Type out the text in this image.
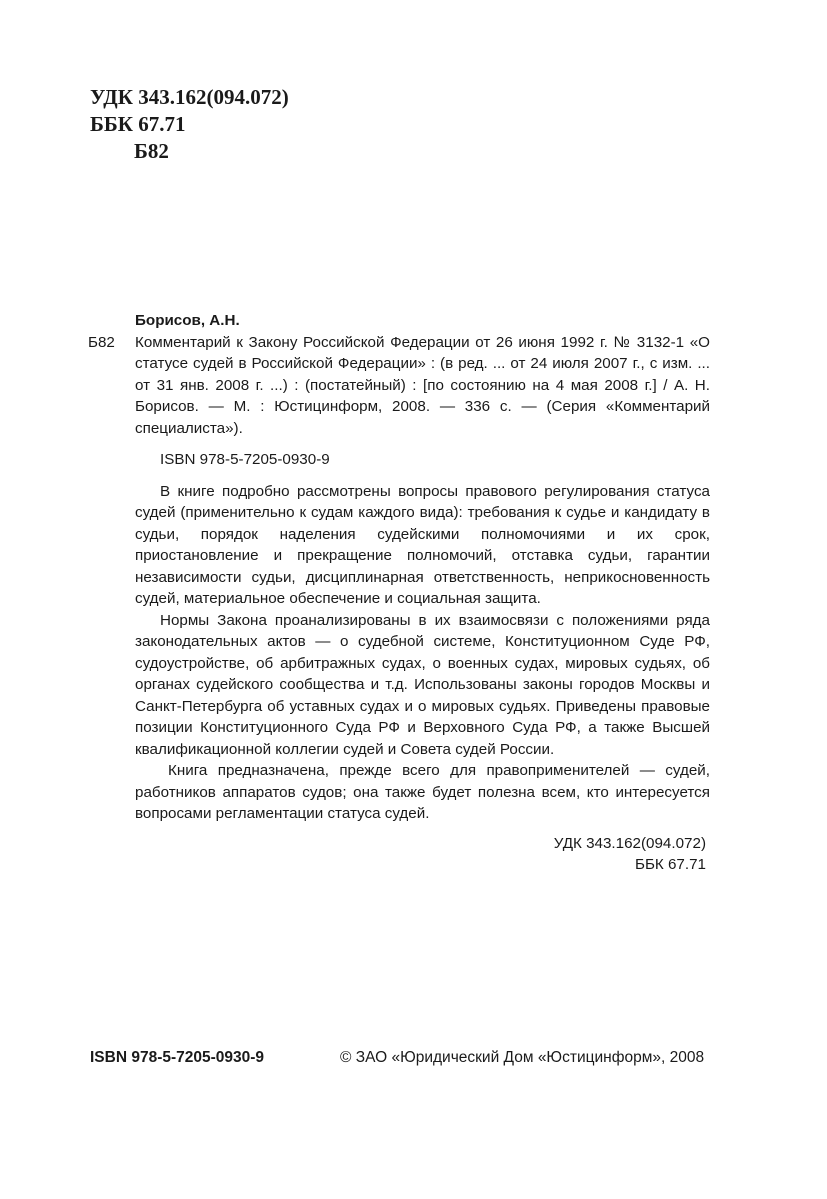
УДК 343.162(094.072)
ББК 67.71
Б82
Борисов, А.Н.
Б82 Комментарий к Закону Российской Федерации от 26 июня 1992 г. № 3132-1 «О статусе судей в Российской Федерации» : (в ред. ... от 24 июля 2007 г., с изм. ... от 31 янв. 2008 г. ...) : (постатейный) : [по состоянию на 4 мая 2008 г.] / А. Н. Борисов. — М. : Юстицинформ, 2008. — 336 с. — (Серия «Комментарий специалиста»).
ISBN 978-5-7205-0930-9

В книге подробно рассмотрены вопросы правового регулирования статуса судей (применительно к судам каждого вида): требования к судье и кандидату в судьи, порядок наделения судейскими полномочиями и их срок, приостановление и прекращение полномочий, отставка судьи, гарантии независимости судьи, дисциплинарная ответственность, неприкосновенность судей, материальное обеспечение и социальная защита.

Нормы Закона проанализированы в их взаимосвязи с положениями ряда законодательных актов — о судебной системе, Конституционном Суде РФ, судоустройстве, об арбитражных судах, о военных судах, мировых судьях, об органах судейского сообщества и т.д. Использованы законы городов Москвы и Санкт-Петербурга об уставных судах и о мировых судьях. Приведены правовые позиции Конституционного Суда РФ и Верховного Суда РФ, а также Высшей квалификационной коллегии судей и Совета судей России.

Книга предназначена, прежде всего для правоприменителей — судей, работников аппаратов судов; она также будет полезна всем, кто интересуется вопросами регламентации статуса судей.

УДК 343.162(094.072)
ББК 67.71
ISBN 978-5-7205-0930-9	© ЗАО «Юридический Дом «Юстицинформ», 2008
